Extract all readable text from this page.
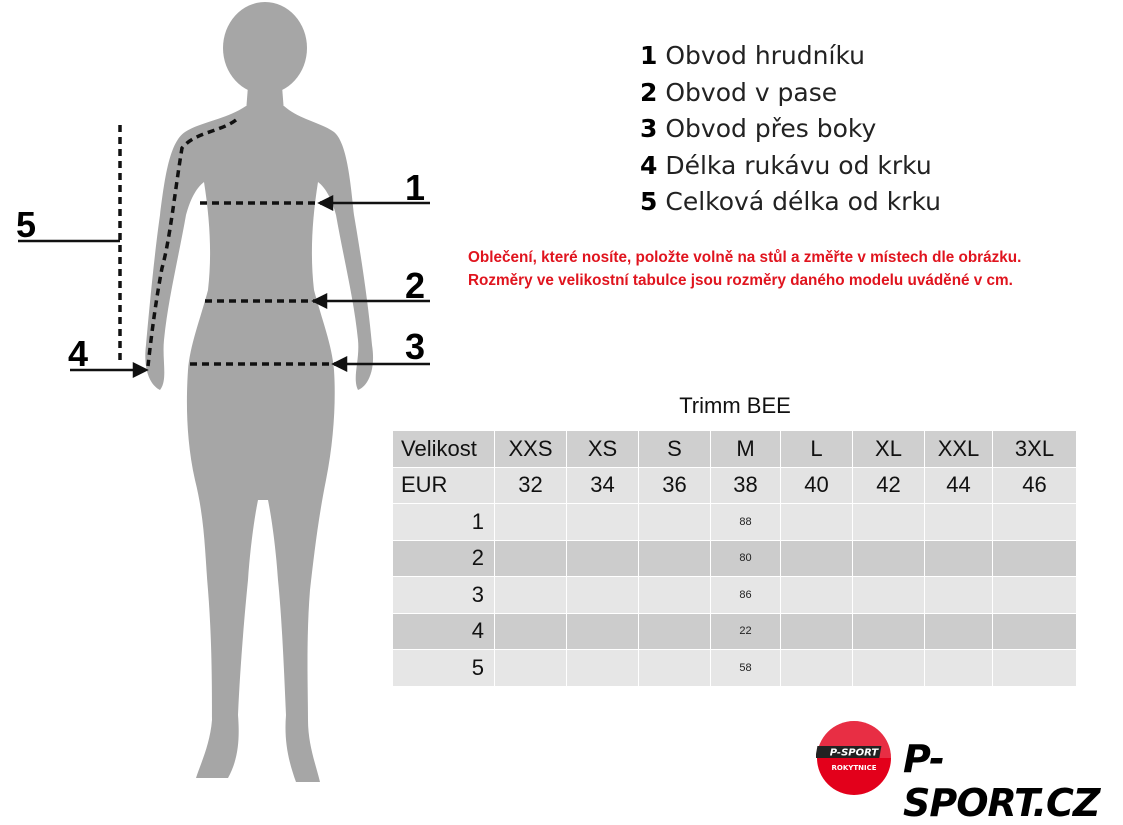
1
2
3
4
5
1 Obvod hrudníku
2 Obvod v pase
3 Obvod přes boky
4 Délka rukávu od krku
5 Celková délka od krku
Oblečení, které nosíte, položte volně na stůl a změřte v místech dle obrázku.
Rozměry ve velikostní tabulce jsou rozměry daného modelu uváděné v cm.
Trimm BEE
Velikost	XXS	XS	S	M	L	XL	XXL	3XL
EUR	32	34	36	38	40	42	44	46
1				88				
2				80				
3				86				
4				22				
5				58				
P-SPORT
ROKYTNICE P-SPORT.CZ
